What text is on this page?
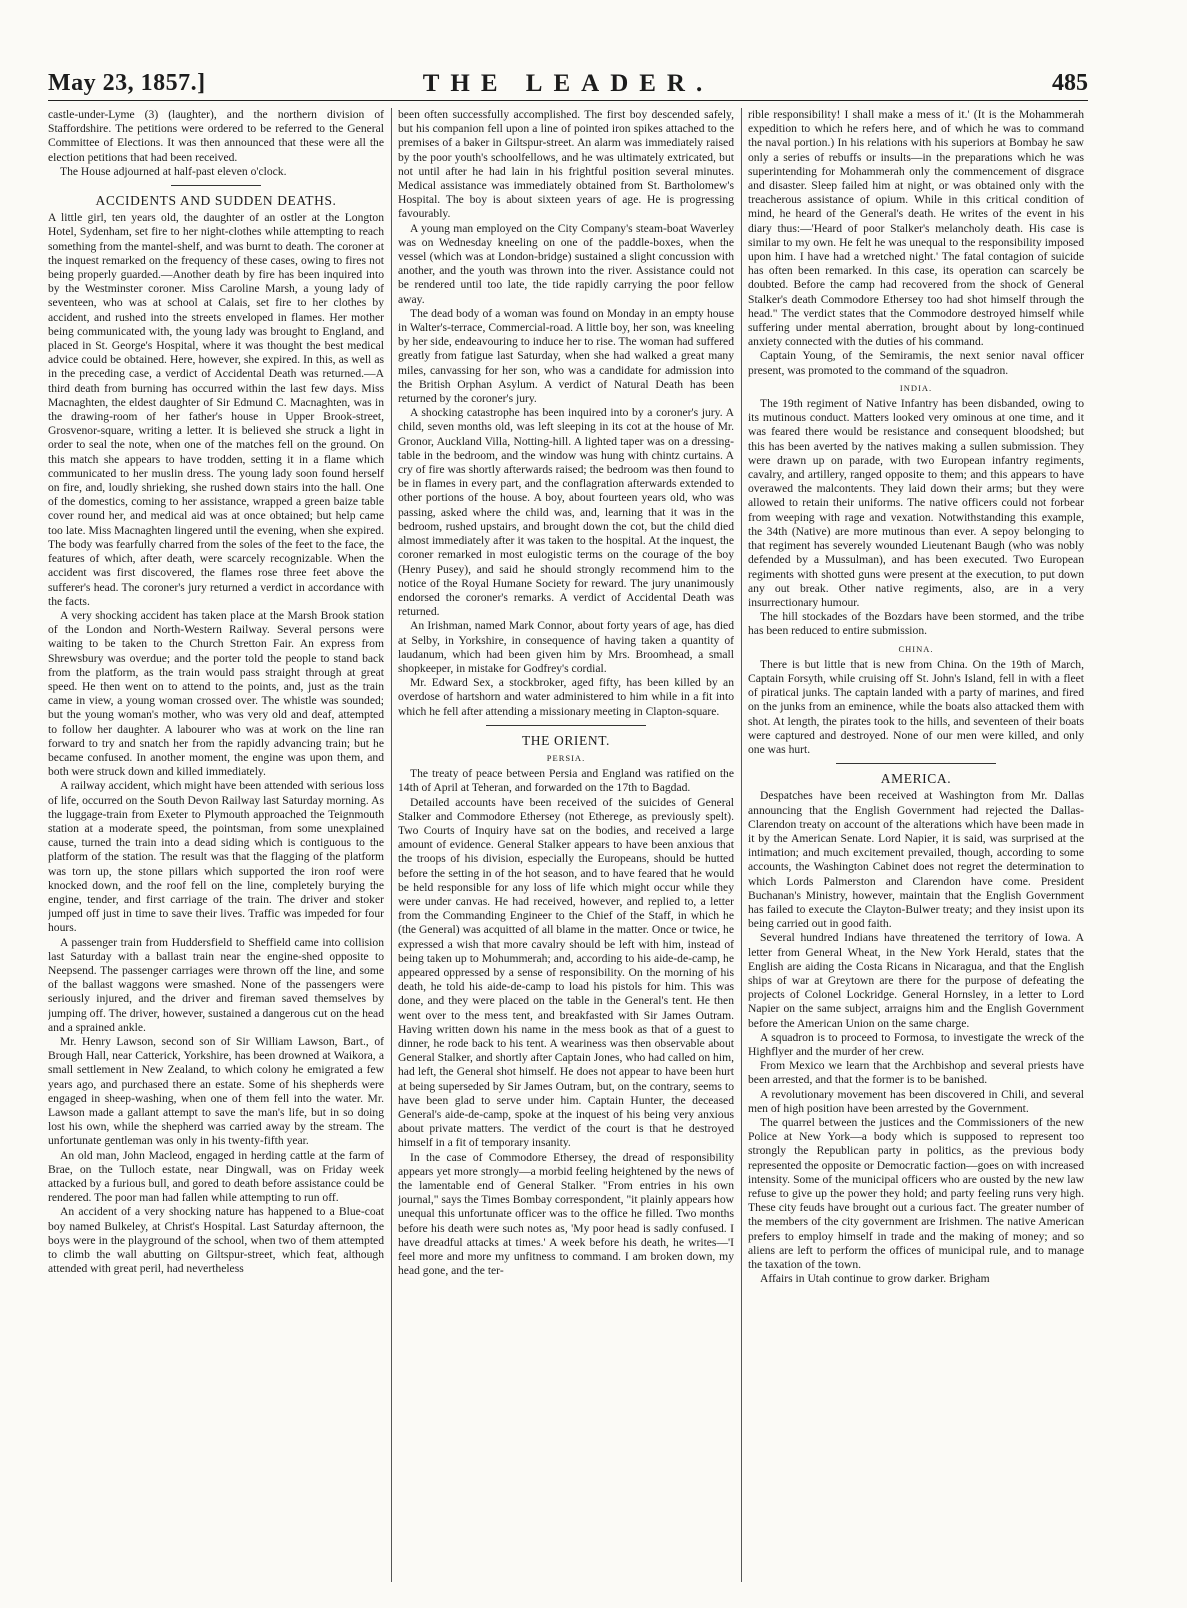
May 23, 1857.]	THE LEADER.	485

castle-under-Lyme (3) (laughter), and the northern division of Staffordshire. The petitions were ordered to be referred to the General Committee of Elections. It was then announced that these were all the election petitions that had been received.

The House adjourned at half-past eleven o'clock.

ACCIDENTS AND SUDDEN DEATHS.

A little girl, ten years old, the daughter of an ostler at the Longton Hotel, Sydenham, set fire to her night-clothes while attempting to reach something from the mantel-shelf, and was burnt to death. The coroner at the inquest remarked on the frequency of these cases, owing to fires not being properly guarded.—Another death by fire has been inquired into by the Westminster coroner. Miss Caroline Marsh, a young lady of seventeen, who was at school at Calais, set fire to her clothes by accident, and rushed into the streets enveloped in flames. Her mother being communicated with, the young lady was brought to England, and placed in St. George's Hospital, where it was thought the best medical advice could be obtained. Here, however, she expired. In this, as well as in the preceding case, a verdict of Accidental Death was returned.—A third death from burning has occurred within the last few days. Miss Macnaghten, the eldest daughter of Sir Edmund C. Macnaghten, was in the drawing-room of her father's house in Upper Brook-street, Grosvenor-square, writing a letter. It is believed she struck a light in order to seal the note, when one of the matches fell on the ground. On this match she appears to have trodden, setting it in a flame which communicated to her muslin dress. The young lady soon found herself on fire, and, loudly shrieking, she rushed down stairs into the hall. One of the domestics, coming to her assistance, wrapped a green baize table cover round her, and medical aid was at once obtained; but help came too late. Miss Macnaghten lingered until the evening, when she expired. The body was fearfully charred from the soles of the feet to the face, the features of which, after death, were scarcely recognizable. When the accident was first discovered, the flames rose three feet above the sufferer's head. The coroner's jury returned a verdict in accordance with the facts.

A very shocking accident has taken place at the Marsh Brook station of the London and North-Western Railway. Several persons were waiting to be taken to the Church Stretton Fair. An express from Shrewsbury was overdue; and the porter told the people to stand back from the platform, as the train would pass straight through at great speed. He then went on to attend to the points, and, just as the train came in view, a young woman crossed over. The whistle was sounded; but the young woman's mother, who was very old and deaf, attempted to follow her daughter. A labourer who was at work on the line ran forward to try and snatch her from the rapidly advancing train; but he became confused. In another moment, the engine was upon them, and both were struck down and killed immediately.

A railway accident, which might have been attended with serious loss of life, occurred on the South Devon Railway last Saturday morning. As the luggage-train from Exeter to Plymouth approached the Teignmouth station at a moderate speed, the pointsman, from some unexplained cause, turned the train into a dead siding which is contiguous to the platform of the station. The result was that the flagging of the platform was torn up, the stone pillars which supported the iron roof were knocked down, and the roof fell on the line, completely burying the engine, tender, and first carriage of the train. The driver and stoker jumped off just in time to save their lives. Traffic was impeded for four hours.

A passenger train from Huddersfield to Sheffield came into collision last Saturday with a ballast train near the engine-shed opposite to Neepsend. The passenger carriages were thrown off the line, and some of the ballast waggons were smashed. None of the passengers were seriously injured, and the driver and fireman saved themselves by jumping off. The driver, however, sustained a dangerous cut on the head and a sprained ankle.

Mr. Henry Lawson, second son of Sir William Lawson, Bart., of Brough Hall, near Catterick, Yorkshire, has been drowned at Waikora, a small settlement in New Zealand, to which colony he emigrated a few years ago, and purchased there an estate. Some of his shepherds were engaged in sheep-washing, when one of them fell into the water. Mr. Lawson made a gallant attempt to save the man's life, but in so doing lost his own, while the shepherd was carried away by the stream. The unfortunate gentleman was only in his twenty-fifth year.

An old man, John Macleod, engaged in herding cattle at the farm of Brae, on the Tulloch estate, near Dingwall, was on Friday week attacked by a furious bull, and gored to death before assistance could be rendered. The poor man had fallen while attempting to run off.

An accident of a very shocking nature has happened to a Blue-coat boy named Bulkeley, at Christ's Hospital. Last Saturday afternoon, the boys were in the playground of the school, when two of them attempted to climb the wall abutting on Giltspur-street, which feat, although attended with great peril, had nevertheless

been often successfully accomplished. The first boy descended safely, but his companion fell upon a line of pointed iron spikes attached to the premises of a baker in Giltspur-street. An alarm was immediately raised by the poor youth's schoolfellows, and he was ultimately extricated, but not until after he had lain in his frightful position several minutes. Medical assistance was immediately obtained from St. Bartholomew's Hospital. The boy is about sixteen years of age. He is progressing favourably.

A young man employed on the City Company's steam-boat Waverley was on Wednesday kneeling on one of the paddle-boxes, when the vessel (which was at London-bridge) sustained a slight concussion with another, and the youth was thrown into the river. Assistance could not be rendered until too late, the tide rapidly carrying the poor fellow away.

The dead body of a woman was found on Monday in an empty house in Walter's-terrace, Commercial-road. A little boy, her son, was kneeling by her side, endeavouring to induce her to rise. The woman had suffered greatly from fatigue last Saturday, when she had walked a great many miles, canvassing for her son, who was a candidate for admission into the British Orphan Asylum. A verdict of Natural Death has been returned by the coroner's jury.

A shocking catastrophe has been inquired into by a coroner's jury. A child, seven months old, was left sleeping in its cot at the house of Mr. Gronor, Auckland Villa, Notting-hill. A lighted taper was on a dressing-table in the bedroom, and the window was hung with chintz curtains. A cry of fire was shortly afterwards raised; the bedroom was then found to be in flames in every part, and the conflagration afterwards extended to other portions of the house. A boy, about fourteen years old, who was passing, asked where the child was, and, learning that it was in the bedroom, rushed upstairs, and brought down the cot, but the child died almost immediately after it was taken to the hospital. At the inquest, the coroner remarked in most eulogistic terms on the courage of the boy (Henry Pusey), and said he should strongly recommend him to the notice of the Royal Humane Society for reward. The jury unanimously endorsed the coroner's remarks. A verdict of Accidental Death was returned.

An Irishman, named Mark Connor, about forty years of age, has died at Selby, in Yorkshire, in consequence of having taken a quantity of laudanum, which had been given him by Mrs. Broomhead, a small shopkeeper, in mistake for Godfrey's cordial.

Mr. Edward Sex, a stockbroker, aged fifty, has been killed by an overdose of hartshorn and water administered to him while in a fit into which he fell after attending a missionary meeting in Clapton-square.

THE ORIENT.
PERSIA.

The treaty of peace between Persia and England was ratified on the 14th of April at Teheran, and forwarded on the 17th to Bagdad.

Detailed accounts have been received of the suicides of General Stalker and Commodore Ethersey (not Etherege, as previously spelt). Two Courts of Inquiry have sat on the bodies, and received a large amount of evidence. General Stalker appears to have been anxious that the troops of his division, especially the Europeans, should be hutted before the setting in of the hot season, and to have feared that he would be held responsible for any loss of life which might occur while they were under canvas. He had received, however, and replied to, a letter from the Commanding Engineer to the Chief of the Staff, in which he (the General) was acquitted of all blame in the matter. Once or twice, he expressed a wish that more cavalry should be left with him, instead of being taken up to Mohummerah; and, according to his aide-de-camp, he appeared oppressed by a sense of responsibility. On the morning of his death, he told his aide-de-camp to load his pistols for him. This was done, and they were placed on the table in the General's tent. He then went over to the mess tent, and breakfasted with Sir James Outram. Having written down his name in the mess book as that of a guest to dinner, he rode back to his tent. A weariness was then observable about General Stalker, and shortly after Captain Jones, who had called on him, had left, the General shot himself. He does not appear to have been hurt at being superseded by Sir James Outram, but, on the contrary, seems to have been glad to serve under him. Captain Hunter, the deceased General's aide-de-camp, spoke at the inquest of his being very anxious about private matters. The verdict of the court is that he destroyed himself in a fit of temporary insanity.

In the case of Commodore Ethersey, the dread of responsibility appears yet more strongly—a morbid feeling heightened by the news of the lamentable end of General Stalker. "From entries in his own journal," says the Times Bombay correspondent, "it plainly appears how unequal this unfortunate officer was to the office he filled. Two months before his death were such notes as, 'My poor head is sadly confused. I have dreadful attacks at times.' A week before his death, he writes—'I feel more and more my unfitness to command. I am broken down, my head gone, and the ter-

rible responsibility! I shall make a mess of it.' (It is the Mohammerah expedition to which he refers here, and of which he was to command the naval portion.) In his relations with his superiors at Bombay he saw only a series of rebuffs or insults—in the preparations which he was superintending for Mohammerah only the commencement of disgrace and disaster. Sleep failed him at night, or was obtained only with the treacherous assistance of opium. While in this critical condition of mind, he heard of the General's death. He writes of the event in his diary thus:—'Heard of poor Stalker's melancholy death. His case is similar to my own. He felt he was unequal to the responsibility imposed upon him. I have had a wretched night.' The fatal contagion of suicide has often been remarked. In this case, its operation can scarcely be doubted. Before the camp had recovered from the shock of General Stalker's death Commodore Ethersey too had shot himself through the head." The verdict states that the Commodore destroyed himself while suffering under mental aberration, brought about by long-continued anxiety connected with the duties of his command.

Captain Young, of the Semiramis, the next senior naval officer present, was promoted to the command of the squadron.

INDIA.

The 19th regiment of Native Infantry has been disbanded, owing to its mutinous conduct. Matters looked very ominous at one time, and it was feared there would be resistance and consequent bloodshed; but this has been averted by the natives making a sullen submission. They were drawn up on parade, with two European infantry regiments, cavalry, and artillery, ranged opposite to them; and this appears to have overawed the malcontents. They laid down their arms; but they were allowed to retain their uniforms. The native officers could not forbear from weeping with rage and vexation. Notwithstanding this example, the 34th (Native) are more mutinous than ever. A sepoy belonging to that regiment has severely wounded Lieutenant Baugh (who was nobly defended by a Mussulman), and has been executed. Two European regiments with shotted guns were present at the execution, to put down any out break. Other native regiments, also, are in a very insurrectionary humour.

The hill stockades of the Bozdars have been stormed, and the tribe has been reduced to entire submission.

CHINA.

There is but little that is new from China. On the 19th of March, Captain Forsyth, while cruising off St. John's Island, fell in with a fleet of piratical junks. The captain landed with a party of marines, and fired on the junks from an eminence, while the boats also attacked them with shot. At length, the pirates took to the hills, and seventeen of their boats were captured and destroyed. None of our men were killed, and only one was hurt.

AMERICA.

Despatches have been received at Washington from Mr. Dallas announcing that the English Government had rejected the Dallas-Clarendon treaty on account of the alterations which have been made in it by the American Senate. Lord Napier, it is said, was surprised at the intimation; and much excitement prevailed, though, according to some accounts, the Washington Cabinet does not regret the determination to which Lords Palmerston and Clarendon have come. President Buchanan's Ministry, however, maintain that the English Government has failed to execute the Clayton-Bulwer treaty; and they insist upon its being carried out in good faith.

Several hundred Indians have threatened the territory of Iowa. A letter from General Wheat, in the New York Herald, states that the English are aiding the Costa Ricans in Nicaragua, and that the English ships of war at Greytown are there for the purpose of defeating the projects of Colonel Lockridge. General Hornsley, in a letter to Lord Napier on the same subject, arraigns him and the English Government before the American Union on the same charge.

A squadron is to proceed to Formosa, to investigate the wreck of the Highflyer and the murder of her crew.

From Mexico we learn that the Archbishop and several priests have been arrested, and that the former is to be banished.

A revolutionary movement has been discovered in Chili, and several men of high position have been arrested by the Government.

The quarrel between the justices and the Commissioners of the new Police at New York—a body which is supposed to represent too strongly the Republican party in politics, as the previous body represented the opposite or Democratic faction—goes on with increased intensity. Some of the municipal officers who are ousted by the new law refuse to give up the power they hold; and party feeling runs very high. These city feuds have brought out a curious fact. The greater number of the members of the city government are Irishmen. The native American prefers to employ himself in trade and the making of money; and so aliens are left to perform the offices of municipal rule, and to manage the taxation of the town.

Affairs in Utah continue to grow darker. Brigham
